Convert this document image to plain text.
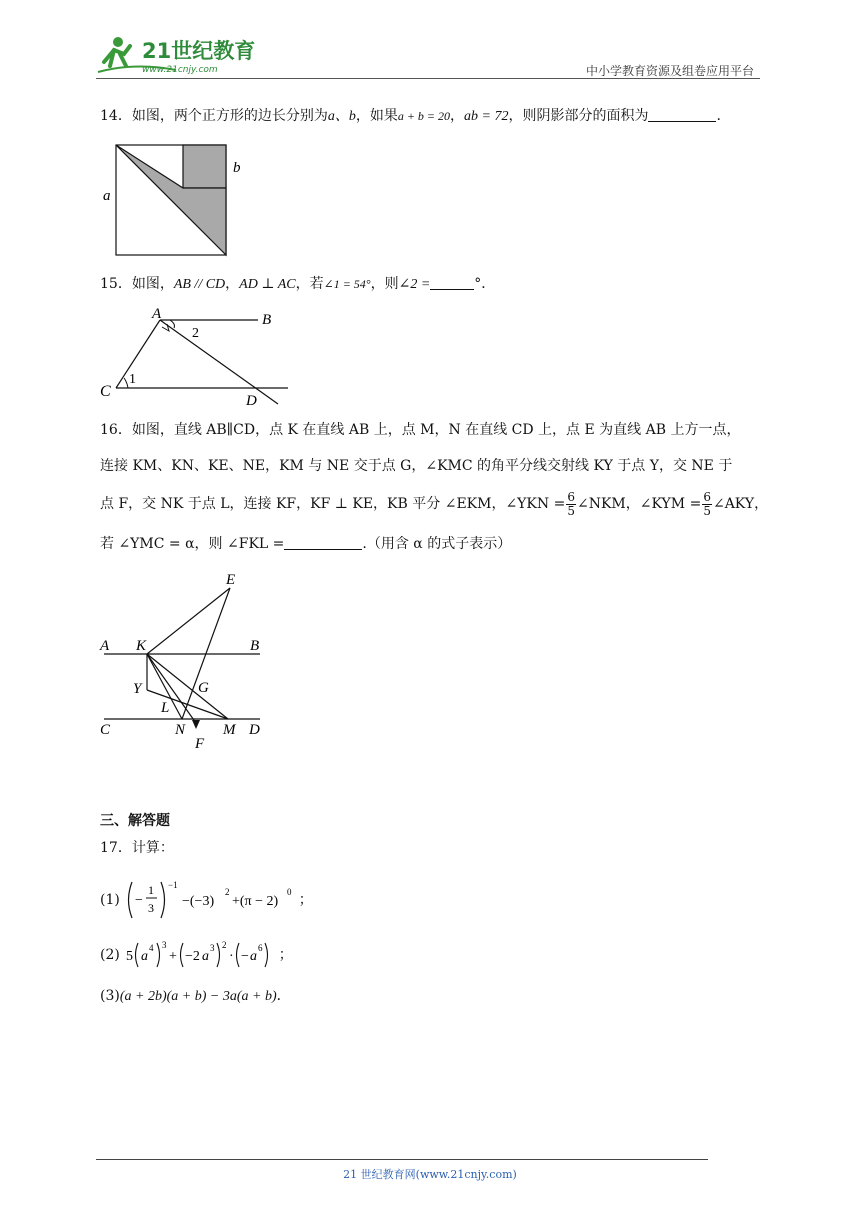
21世纪教育
www.21cnjy.com	中小学教育资源及组卷应用平台
14．如图，两个正方形的边长分别为a、b，如果a + b = 20，ab = 72，则阴影部分的面积为	.
a
b
15．如图，AB // CD，AD ⊥ AC，若∠1 = 54°，则∠2 =	°．
A	B
C
D
1
2
16．如图，直线 AB∥CD，点 K 在直线 AB 上，点 M，N 在直线 CD 上，点 E 为直线 AB 上方一点，
连接 KM、KN、KE、NE，KM 与 NE 交于点 G，∠KMC 的角平分线交射线 KY 于点 Y，交 NE 于
点 F，交 NK 于点 L，连接 KF，KF ⊥ KE，KB 平分 ∠EKM，∠YKN = $\frac{6}{5}$ ∠NKM，∠KYM = $\frac{6}{5}$ ∠AKY，
若 ∠YMC = α，则 ∠FKL =	.（用含 α 的式子表示）
E
A K	B
Y	G
L
C	N	M D
F
三、解答题
17．计算：
(1) −
1
3
−1
−(−3)
2
+(π − 2)
0 ；
(2) 5 a
4 3
+ −2 a
3 2
· − a
6 ；
(3)(a + 2b)(a + b) − 3a(a + b)．
21 世纪教育网(www.21cnjy.com)
